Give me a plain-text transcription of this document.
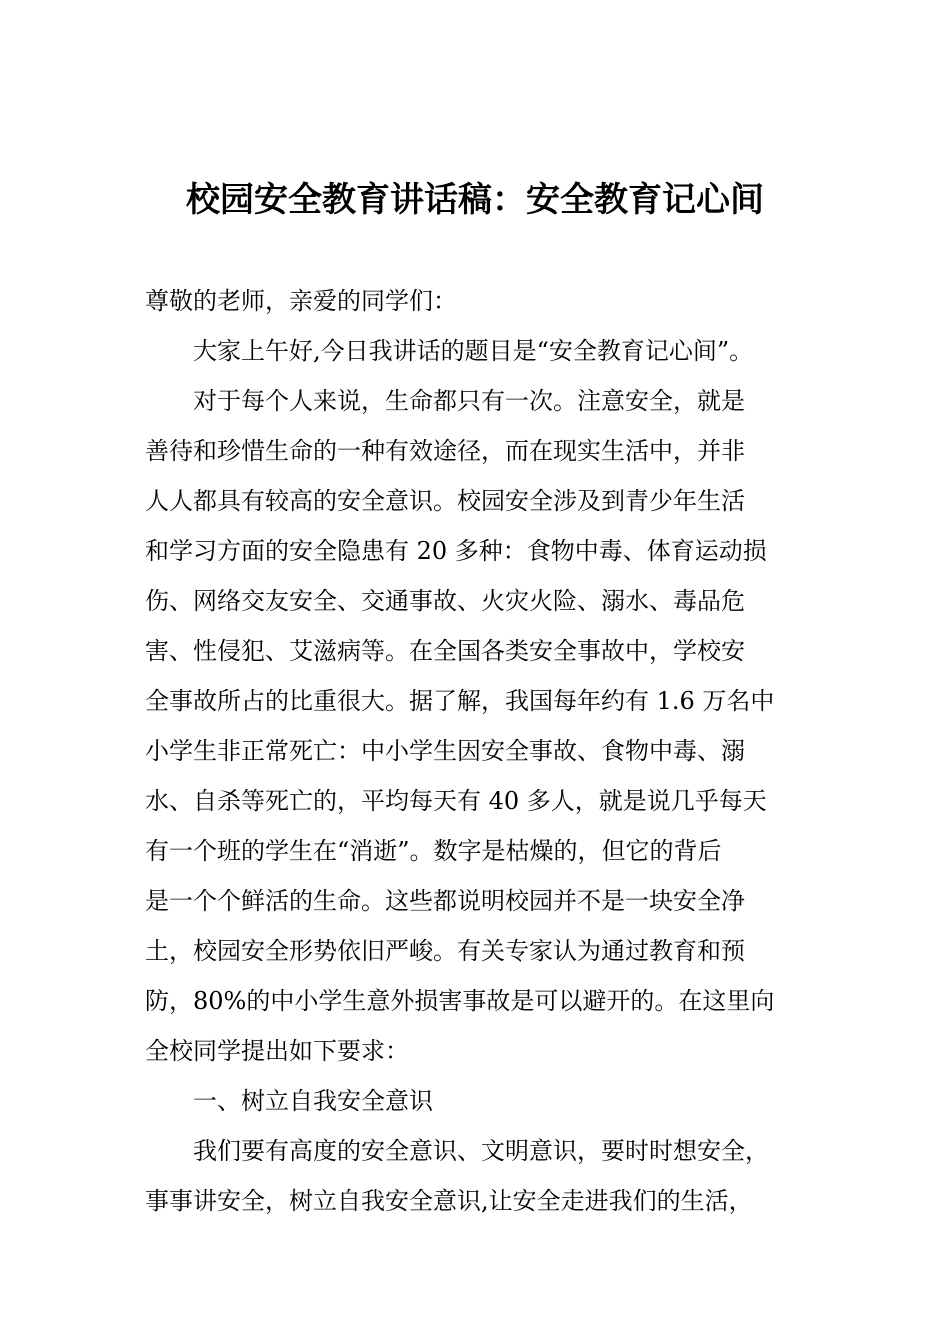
校园安全教育讲话稿：安全教育记心间
尊敬的老师，亲爱的同学们：
大家上午好,今日我讲话的题目是“安全教育记心间”。
对于每个人来说，生命都只有一次。注意安全，就是
善待和珍惜生命的一种有效途径，而在现实生活中，并非
人人都具有较高的安全意识。校园安全涉及到青少年生活
和学习方面的安全隐患有 20 多种：食物中毒、体育运动损
伤、网络交友安全、交通事故、火灾火险、溺水、毒品危
害、性侵犯、艾滋病等。在全国各类安全事故中，学校安
全事故所占的比重很大。据了解，我国每年约有 1.6 万名中
小学生非正常死亡：中小学生因安全事故、食物中毒、溺
水、自杀等死亡的，平均每天有 40 多人，就是说几乎每天
有一个班的学生在“消逝”。数字是枯燥的，但它的背后
是一个个鲜活的生命。这些都说明校园并不是一块安全净
土，校园安全形势依旧严峻。有关专家认为通过教育和预
防，80%的中小学生意外损害事故是可以避开的。在这里向
全校同学提出如下要求：
一、树立自我安全意识
我们要有高度的安全意识、文明意识，要时时想安全，
事事讲安全，树立自我安全意识,让安全走进我们的生活，
